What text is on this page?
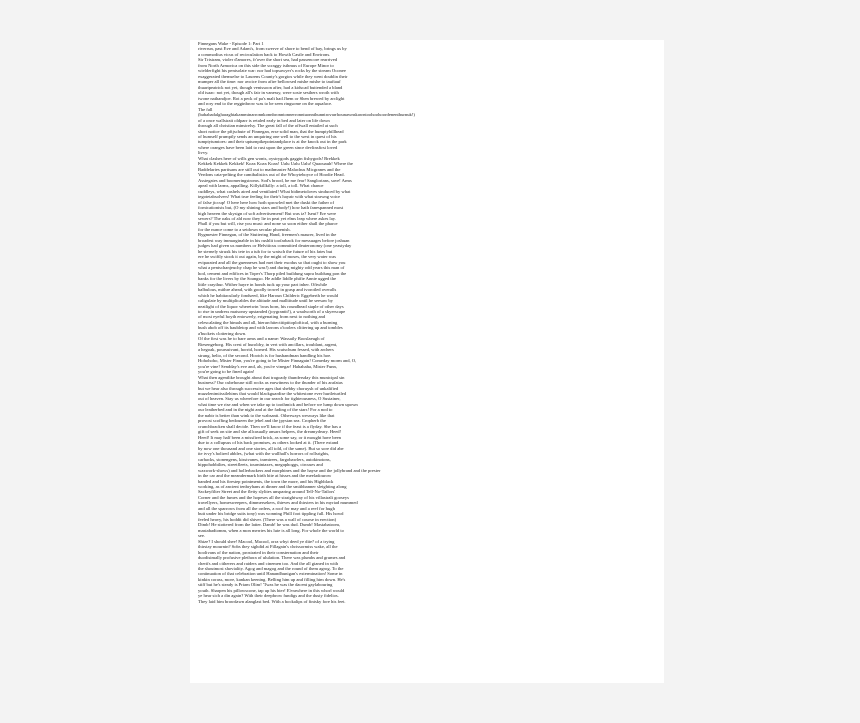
Finnegans Wake - Episode 1: Part 1
riverrun, past Eve and Adam's, from swerve of shore to bend of bay, brings us by
a commodius vicus of recirculation back to Howth Castle and Environs.
Sir Tristram, violer d'amores, fr'over the short sea, had passencore rearrived
from North Armorica on this side the scraggy isthmus of Europe Minor to
wielderfight his penisolate war: nor had topsawyer's rocks by the stream Oconee
exaggerated themselse to Laurens County's gorgios while they went doublin their
mumper all the time: nor avoice from afire bellowsed mishe mishe to tauftauf
thuartpeatrick not yet, though venissoon after, had a kidscad buttended a bland
old isaac: not yet, though all's fair in vanessy, were sosie sesthers wroth with
twone nathandjoe. Rot a peck of pa's malt had Jhem or Shen brewed by arclight
and rory end to the regginbrow was to be seen ringsome on the aquaface.
The fall
(bababadalgharaghtakamminarronnkonnbronntonnerronntuonnthunntrovarrhounawnskawntoohoohoordenenthurnuk!)
of a once wallstrait oldparr is retaled early in bed and later on life down
through all christian minstrelsy. The great fall of the offwall entailed at such
short notice the pftjschute of Finnegan, erse solid man, that the humptyhillhead
of humself prumptly sends an unquiring one well to the west in quest of his
tumptytumtoes: and their upturnpikepointandplace is at the knock out in the park
where oranges have been laid to rust upon the green since devlinsfirst loved
livvy.
What clashes here of wills gen wonts, oystrygods gaggin fishygods! Brekkek
Kekkek Kekkek Kekkek! Koax Koax Koax! Ualu Ualu Ualu! Quaouauh! Where the
Baddelaries partisans are still out to mathmaster Malachus Micgranes and the
Verdons cata-pelting the camibalistics out of the Whoyteboyce of Hoodie Head.
Assiegates and boomeringstroms. Sod's brood, be me fear! Sanglorians, save! Arms
apeal with larms, appalling. Killykillkilly: a toll, a toll. What chance
cuddleys, what cashels aired and ventilated! What bidimetoloves sinduced by what
tegotetabsolvers! What true feeling for their's hayair with what strawng voice
of false jiccup! O here here how hoth sprowled met the duskt the father of
fornicationists but, (O my shining stars and body!) how hath fanespanned most
high heaven the skysign of soft advertisement! But was iz? Iseut? Ere were
sewers? The oaks of ald now they lie in peat yet elms leap where askes lay.
Phall if you but will, rise you must: and none so soon either shall the pharce
for the nunce come to a setdown secular phoenish.
Bygmester Finnegan, of the Stuttering Hand, freemen's maurer, lived in the
broadest way immarginable in his rushlit toofarback for messuages before joshuan
judges had given us numbers or Helviticus committed deuteronomy (one yeastyday
he sternely struxk his tete in a tub for to watsch the future of his fates but
ere he swiftly stook it out again, by the might of moses, the very water was
eviparated and all the guenneses had met their exodus so that ought to show you
what a pentschanjeuchy chap he was!) and during mighty odd years this man of
hod, cement and edifices in Toper's Thorp piled buildung supra buildung pon the
banks for the livers by the Soangso. He addle liddle phifie Annie ugged the
little craythur. Wither hayre in honds tuck up your part inher. Oftwhile
balbulous, mithre ahead, with goodly trowel in grasp and ivoroiled overalls
which he habitacularly fondseed, like Haroun Childeric Eggeberth he would
caligulate by multiplicables the altitude and malltitude until he seesaw by
neatlight of the liquor wheretwin 'twas born, his roundhead staple of other days
to rise in undress maisonry upstanded (joygrantit!), a waalworth of a skyerscape
of most eyeful hoyth entowerly, erigenating from next to nothing and
celescalating the himals and all, hierarchitectitiptitoploftical, with a burning
bush abob off its baubletop and with larrons o'toolers clittering up and tombles
a'buckets clottering down.
Of the first was he to bare arms and a name: Wassaily Booslaeugh of
Riesengeborg. His crest of huroldry, in vert with ancillars, troublant, argent,
a hegoak, poursuivant, horrid, horned. His scutschum fessed, with archers
strung, helio, of the second. Hootch is for husbandman handling his hoe.
Hohohoho, Mister Finn, you're going to be Mister Finnagain! Comeday morm and, O,
you're vine! Sendday's eve and, ah, you're vinegar! Hahahaha, Mister Funn,
you're going to be fined again!
What then agentlike brought about that tragoady thundersday this municipal sin
business? Our cubehouse still rocks as earwitness to the thunder of his arafatas
but we hear also through successive ages that shebby choruysh of unkalified
muzzlenimiissilehims that would blackguardise the whitestone ever hurtleturtled
out of heaven. Stay us wherefore in our search for tighteousness, O Sustainer,
what time we rise and when we take up to toothmick and before we lump down upown
our leatherbed and in the night and at the fading of the stars! For a nod to
the nabir is better than wink to the wabsanti. Otherways wesways like that
provost scoffing bedoueen the jebel and the jpysian sea. Cropherb the
crunchbracken shall decide. Then we'll know if the feast is a flyday. She has a
gift of seek on site and she allcasually ansars helpers, the dreamydeary. Heed!
Heed! It may half been a missfired brick, as some say, or it mought have been
due to a collupsus of his back promises, as others looked at it. (There extand
by now one thousand and one stories, all told, of the same). But so sore did abe
ite ivvy's holired abbles, (what with the wallhall's horrors of rollsrights,
carhacks, stonengens, kisstvanes, tramtrees, fargobawlers, autokinotons,
hippohobbilies, streetfleets, tournintaxes, megaphoggs, circuses and
waxwork-shows) and hollerbackers and morphines and the hayse and the jollybrand and the prester
in the car and the meandermark birth bite at hisses and the meeladourow
banded and his firestep pointments, the town the more, and his Highblack
working, as of ancient tenbryhans at dinner and the smithbanner sleighting along
Sackeyfilter Street and the fletty slylites unsparing around Tell-No-Tailors'
Corner and the fumes and the hopeses all the straightway of his villastrali gooseys
travellyers, homesweepers, dimmersekers, thieves and thirsters in his myriad mummed
and all the sparrows from all the orders, a roof for may and a reef for hugh
butt under his bridge suits tony) was wonning Phill foot tippling full. His howd
feeled heavy, his hoddit did shiver. (There was a wall of course in erection)
Dimb! He stottered from the latter. Damb! he was dud. Dumb! Mastabatoom,
mastabadtomm, when a mon merries his lute is all long. For whole the world to
see.
Shize? I should shee! Macool, Macool, orra whyi deed ye diie? of a trying
thirstay mournin? Sobs they sighdid at Fillagain's chrissormiss wake, all the
hoolivans of the nation, prostrated in their consternation and their
duodisimally profusive plethora of ululation. There was plumbs and grumes and
cherifs and citherers and raiders and cinemen too. And the all gianed in with
the shoutmost shoviality. Agog and magog and the round of them agrog. To the
continuation of that celebration until Hanandhunigan's extermination! Some in
kinkin corass, more, kankan keening. Belling him up and filling him down. He's
stiff but he's steady is Priam Olim! 'Twas he was the dacent gaylabouring
youth. Sharpen his pillowscone, tap up his bier! E'erawhere in this whorl would
ye hear sich a din again? With their deepbrow fundigs and the dusty fidelios.
They laid him brawdawn alanglast bed. With a bockalips of finisky fore his feet.
